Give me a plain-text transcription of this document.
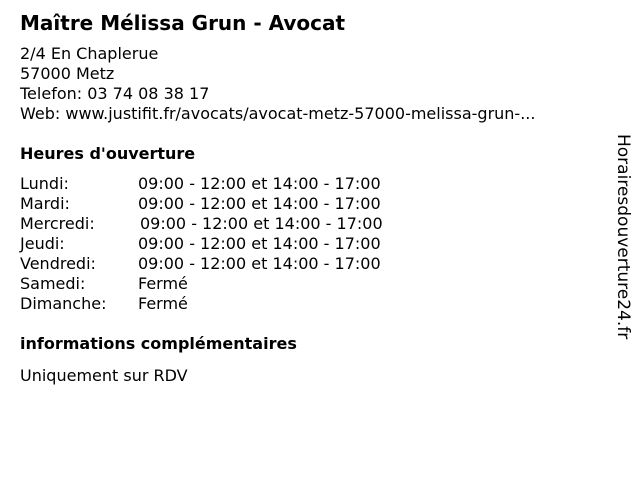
Maître Mélissa Grun - Avocat
2/4 En Chaplerue
57000 Metz
Telefon: 03 74 08 38 17
Web: www.justifit.fr/avocats/avocat-metz-57000-melissa-grun-...
Heures d'ouverture
Lundi:	09:00 - 12:00 et 14:00 - 17:00
Mardi:	09:00 - 12:00 et 14:00 - 17:00
Mercredi:	09:00 - 12:00 et 14:00 - 17:00
Jeudi:	09:00 - 12:00 et 14:00 - 17:00
Vendredi:	09:00 - 12:00 et 14:00 - 17:00
Samedi:	Fermé
Dimanche: Fermé
informations complémentaires
Uniquement sur RDV
Horairesdouverture24.fr
